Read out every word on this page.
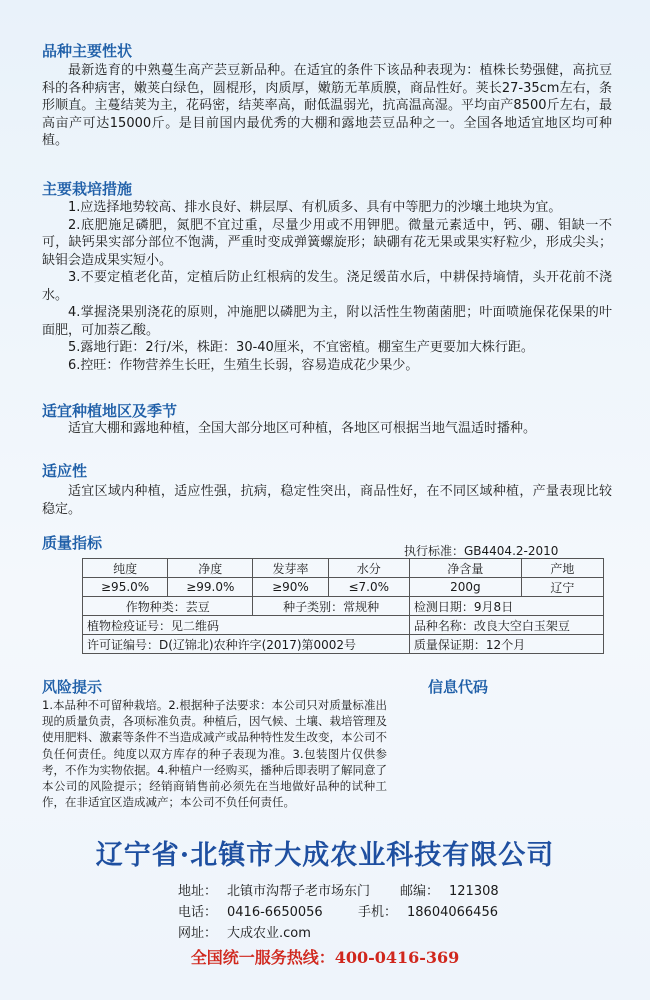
品种主要性状
最新选育的中熟蔓生高产芸豆新品种。在适宜的条件下该品种表现为：植株长势强健，高抗豆科的各种病害，嫩荚白绿色，圆棍形，肉质厚，嫩筋无革质膜，商品性好。荚长27-35cm左右，条形顺直。主蔓结荚为主，花码密，结荚率高，耐低温弱光，抗高温高湿。平均亩产8500斤左右，最高亩产可达15000斤。是目前国内最优秀的大棚和露地芸豆品种之一。全国各地适宜地区均可种植。
主要栽培措施

1.应选择地势较高、排水良好、耕层厚、有机质多、具有中等肥力的沙壤土地块为宜。

2.底肥施足磷肥，氮肥不宜过重，尽量少用或不用钾肥。微量元素适中，钙、硼、钼缺一不可，缺钙果实部分部位不饱满，严重时变成弹簧螺旋形；缺硼有花无果或果实籽粒少，形成尖头；缺钼会造成果实短小。

3.不要定植老化苗，定植后防止红根病的发生。浇足缓苗水后，中耕保持墒情，头开花前不浇水。

4.掌握浇果别浇花的原则，冲施肥以磷肥为主，附以活性生物菌菌肥；叶面喷施保花保果的叶面肥，可加萘乙酸。

5.露地行距：2行/米，株距：30-40厘米，不宜密植。棚室生产更要加大株行距。

6.控旺：作物营养生长旺，生殖生长弱，容易造成花少果少。

适宜种植地区及季节
适宜大棚和露地种植，全国大部分地区可种植，各地区可根据当地气温适时播种。
适应性
适宜区域内种植，适应性强，抗病，稳定性突出，商品性好，在不同区域种植，产量表现比较稳定。
质量指标	执行标准：GB4404.2-2010
纯度	净度	发芽率	水分	净含量	产地
≥95.0%	≥99.0%	≥90%	≤7.0%	200g	辽宁
作物种类：芸豆		种子类别：常规种		检测日期：9月8日	
植物检疫证号：见二维码				品种名称：改良大空白玉架豆	
许可证编号：D(辽锦北)农种许字(2017)第0002号				质量保证期：12个月	
风险提示
1.本品种不可留种栽培。2.根据种子法要求：本公司只对质量标准出现的质量负责，各项标准负责。种植后，因气候、土壤、栽培管理及使用肥料、激素等条件不当造成减产或品种特性发生改变，本公司不负任何责任。纯度以双方库存的种子表现为准。3.包装图片仅供参考，不作为实物依据。4.种植户一经购买，播种后即表明了解同意了本公司的风险提示；经销商销售前必须先在当地做好品种的试种工作，在非适宜区造成减产；本公司不负任何责任。
信息代码
辽宁省·北镇市大成农业科技有限公司
地址： 北镇市沟帮子老市场东门 邮编： 121308
电话： 0416-6650056	手机： 18604066456
网址： 大成农业.com
全国统一服务热线：400-0416-369
